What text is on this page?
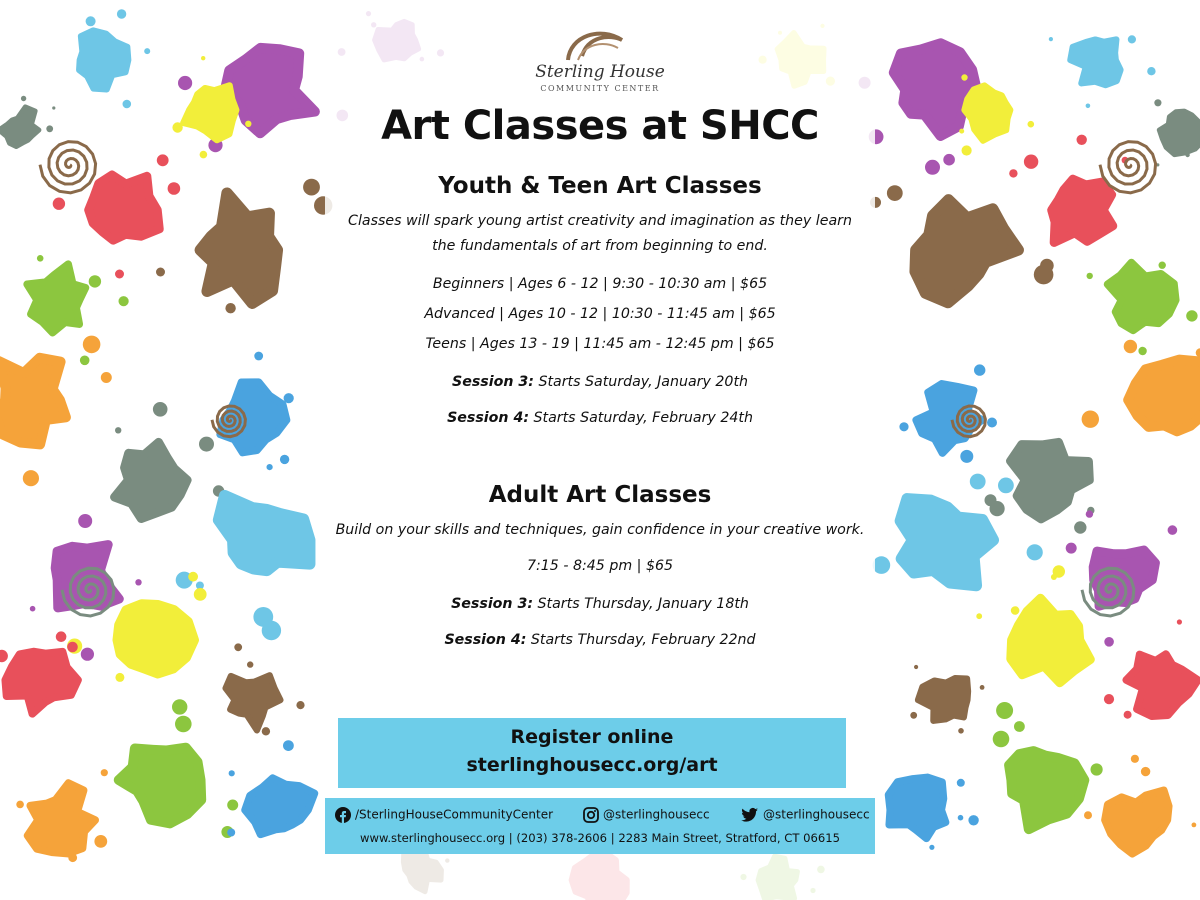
Sterling House
COMMUNITY CENTER
Art Classes at SHCC
Youth & Teen Art Classes
Classes will spark young artist creativity and imagination as they learn
the fundamentals of art from beginning to end.
Beginners | Ages 6 - 12 | 9:30 - 10:30 am | $65
Advanced | Ages 10 - 12 | 10:30 - 11:45 am | $65
Teens | Ages 13 - 19 | 11:45 am - 12:45 pm | $65
Session 3: Starts Saturday, January 20th
Session 4: Starts Saturday, February 24th
Adult Art Classes
Build on your skills and techniques, gain confidence in your creative work.
7:15 - 8:45 pm | $65
Session 3: Starts Thursday, January 18th
Session 4: Starts Thursday, February 22nd
Register online
sterlinghousecc.org/art
/SterlingHouseCommunityCenter	@sterlinghousecc	@sterlinghousecc
www.sterlinghousecc.org | (203) 378-2606 | 2283 Main Street, Stratford, CT 06615
